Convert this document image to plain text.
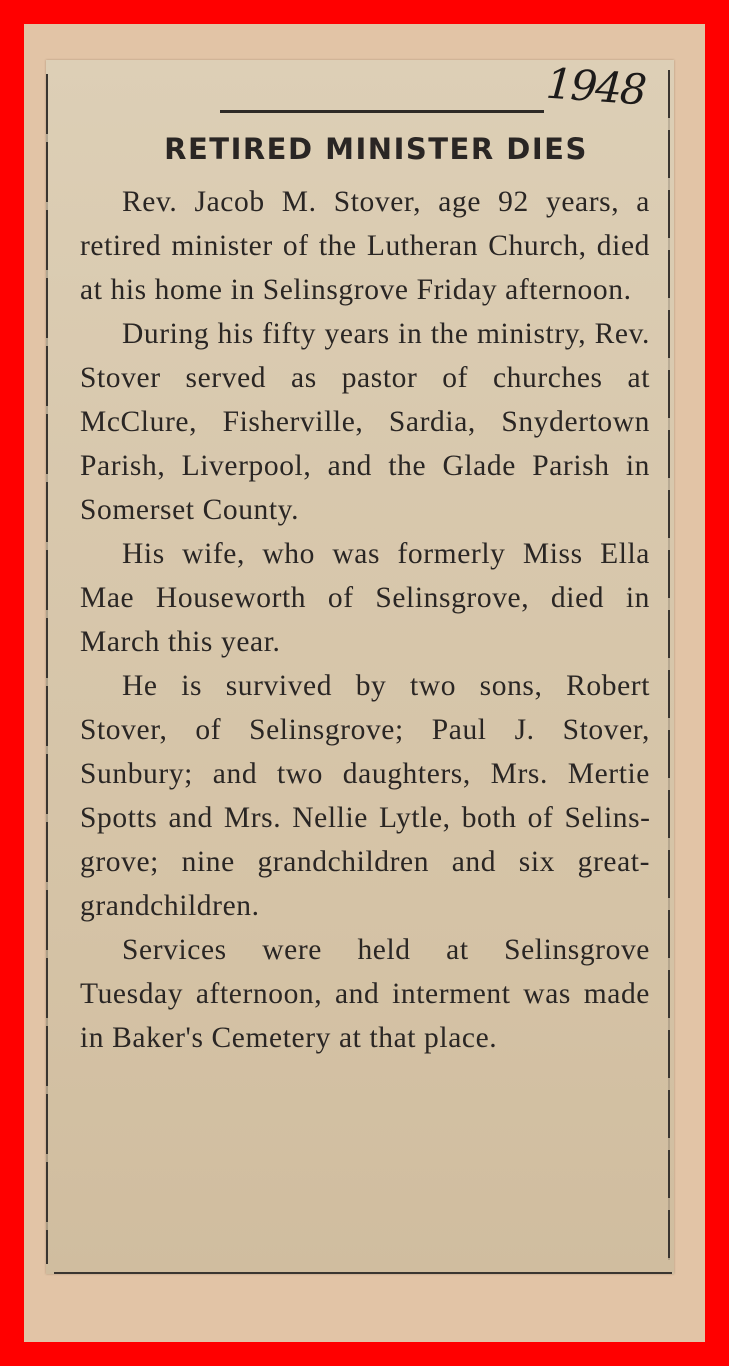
1948
RETIRED MINISTER DIES

Rev. Jacob M. Stover, age 92 years, a retired minister of the Lutheran Church, died at his home in Selinsgrove Friday afternoon.

During his fifty years in the ministry, Rev. Stover served as pastor of churches at McClure, Fisherville, Sardia, Snydertown Parish, Liverpool, and the Glade Parish in Somerset County.

His wife, who was formerly Miss Ella Mae Houseworth of Selinsgrove, died in March this year.

He is survived by two sons, Robert Stover, of Selinsgrove; Paul J. Stover, Sunbury; and two daughters, Mrs. Mertie Spotts and Mrs. Nellie Lytle, both of Selinsgrove; nine grandchildren and six great-grandchildren.

Services were held at Selinsgrove Tuesday afternoon, and interment was made in Baker's Cemetery at that place.
